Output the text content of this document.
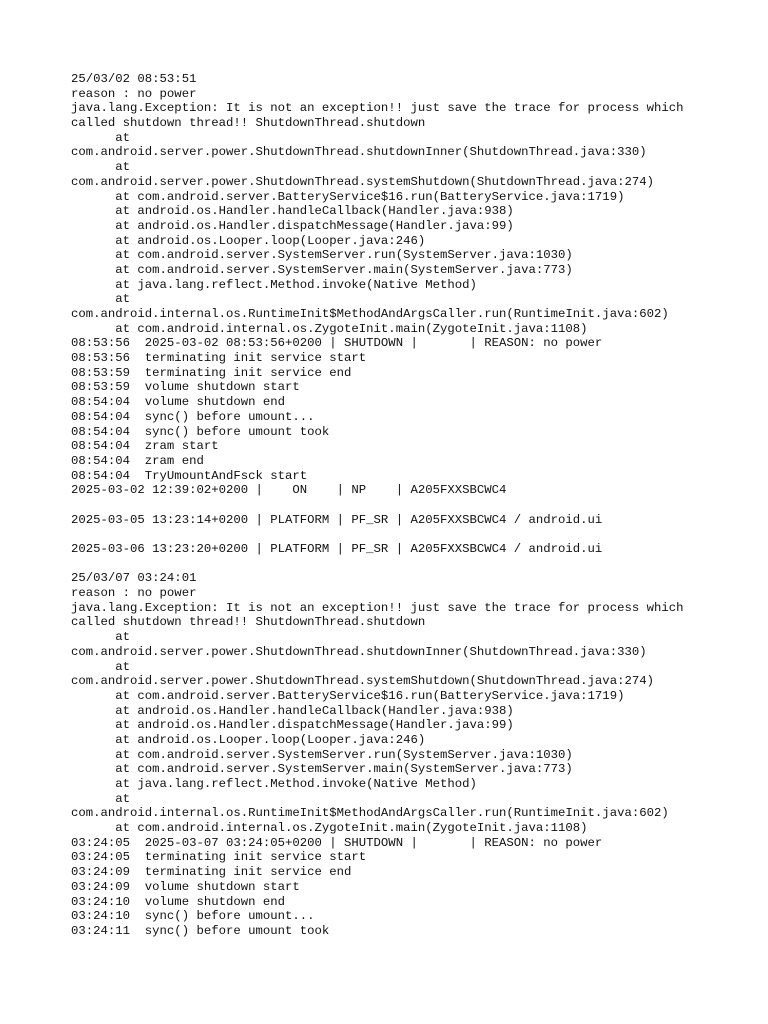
25/03/02 08:53:51
reason : no power
java.lang.Exception: It is not an exception!! just save the trace for process which
called shutdown thread!! ShutdownThread.shutdown
at
com.android.server.power.ShutdownThread.shutdownInner(ShutdownThread.java:330)
at
com.android.server.power.ShutdownThread.systemShutdown(ShutdownThread.java:274)
at com.android.server.BatteryService$16.run(BatteryService.java:1719)
at android.os.Handler.handleCallback(Handler.java:938)
at android.os.Handler.dispatchMessage(Handler.java:99)
at android.os.Looper.loop(Looper.java:246)
at com.android.server.SystemServer.run(SystemServer.java:1030)
at com.android.server.SystemServer.main(SystemServer.java:773)
at java.lang.reflect.Method.invoke(Native Method)
at
com.android.internal.os.RuntimeInit$MethodAndArgsCaller.run(RuntimeInit.java:602)
at com.android.internal.os.ZygoteInit.main(ZygoteInit.java:1108)
08:53:56  2025-03-02 08:53:56+0200 | SHUTDOWN |       | REASON: no power
08:53:56  terminating init service start
08:53:59  terminating init service end
08:53:59  volume shutdown start
08:54:04  volume shutdown end
08:54:04  sync() before umount...
08:54:04  sync() before umount took
08:54:04  zram start
08:54:04  zram end
08:54:04  TryUmountAndFsck start
2025-03-02 12:39:02+0200 |    ON    | NP    | A205FXXSBCWC4
2025-03-05 13:23:14+0200 | PLATFORM | PF_SR | A205FXXSBCWC4 / android.ui
2025-03-06 13:23:20+0200 | PLATFORM | PF_SR | A205FXXSBCWC4 / android.ui
25/03/07 03:24:01
reason : no power
java.lang.Exception: It is not an exception!! just save the trace for process which
called shutdown thread!! ShutdownThread.shutdown
at
com.android.server.power.ShutdownThread.shutdownInner(ShutdownThread.java:330)
at
com.android.server.power.ShutdownThread.systemShutdown(ShutdownThread.java:274)
at com.android.server.BatteryService$16.run(BatteryService.java:1719)
at android.os.Handler.handleCallback(Handler.java:938)
at android.os.Handler.dispatchMessage(Handler.java:99)
at android.os.Looper.loop(Looper.java:246)
at com.android.server.SystemServer.run(SystemServer.java:1030)
at com.android.server.SystemServer.main(SystemServer.java:773)
at java.lang.reflect.Method.invoke(Native Method)
at
com.android.internal.os.RuntimeInit$MethodAndArgsCaller.run(RuntimeInit.java:602)
at com.android.internal.os.ZygoteInit.main(ZygoteInit.java:1108)
03:24:05  2025-03-07 03:24:05+0200 | SHUTDOWN |       | REASON: no power
03:24:05  terminating init service start
03:24:09  terminating init service end
03:24:09  volume shutdown start
03:24:10  volume shutdown end
03:24:10  sync() before umount...
03:24:11  sync() before umount took
